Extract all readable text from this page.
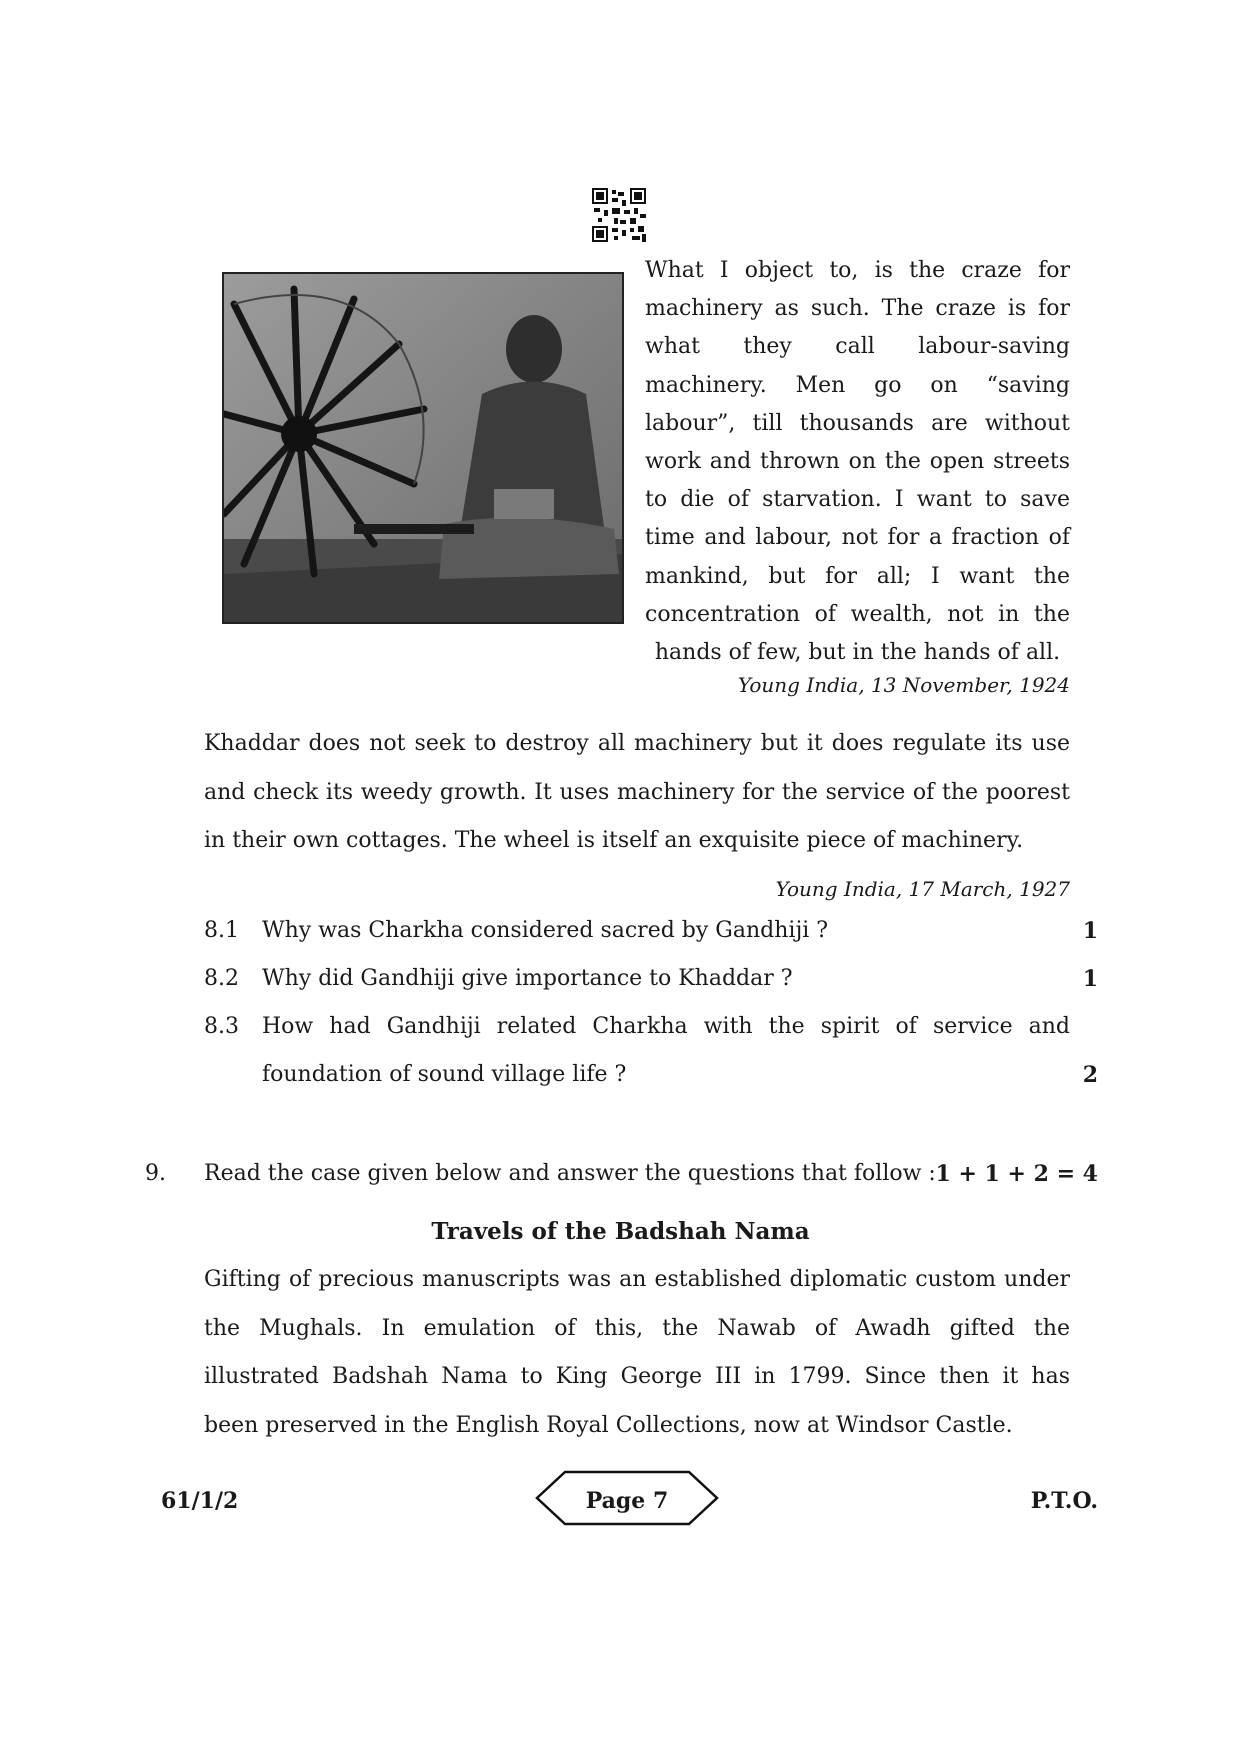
What I object to, is the craze for

machinery as such. The craze is for

what they call labour-saving

machinery. Men go on “saving

labour”, till thousands are without

work and thrown on the open streets

to die of starvation. I want to save

time and labour, not for a fraction of

mankind, but for all; I want the

concentration of wealth, not in the

hands of few, but in the hands of all.

Young India, 13 November, 1924
Khaddar does not seek to destroy all machinery but it does regulate its use
and check its weedy growth. It uses machinery for the service of the poorest
in their own cottages. The wheel is itself an exquisite piece of machinery.
Young India, 17 March, 1927
8.1 Why was Charkha considered sacred by Gandhiji ?	1
8.2 Why did Gandhiji give importance to Khaddar ?	1
8.3 How had Gandhiji related Charkha with the spirit of service and
foundation of sound village life ?	2
9. Read the case given below and answer the questions that follow : 1 + 1 + 2 = 4
Travels of the Badshah Nama
Gifting of precious manuscripts was an established diplomatic custom under
the Mughals. In emulation of this, the Nawab of Awadh gifted the
illustrated Badshah Nama to King George III in 1799. Since then it has
been preserved in the English Royal Collections, now at Windsor Castle.
61/1/2	Page 7	P.T.O.
